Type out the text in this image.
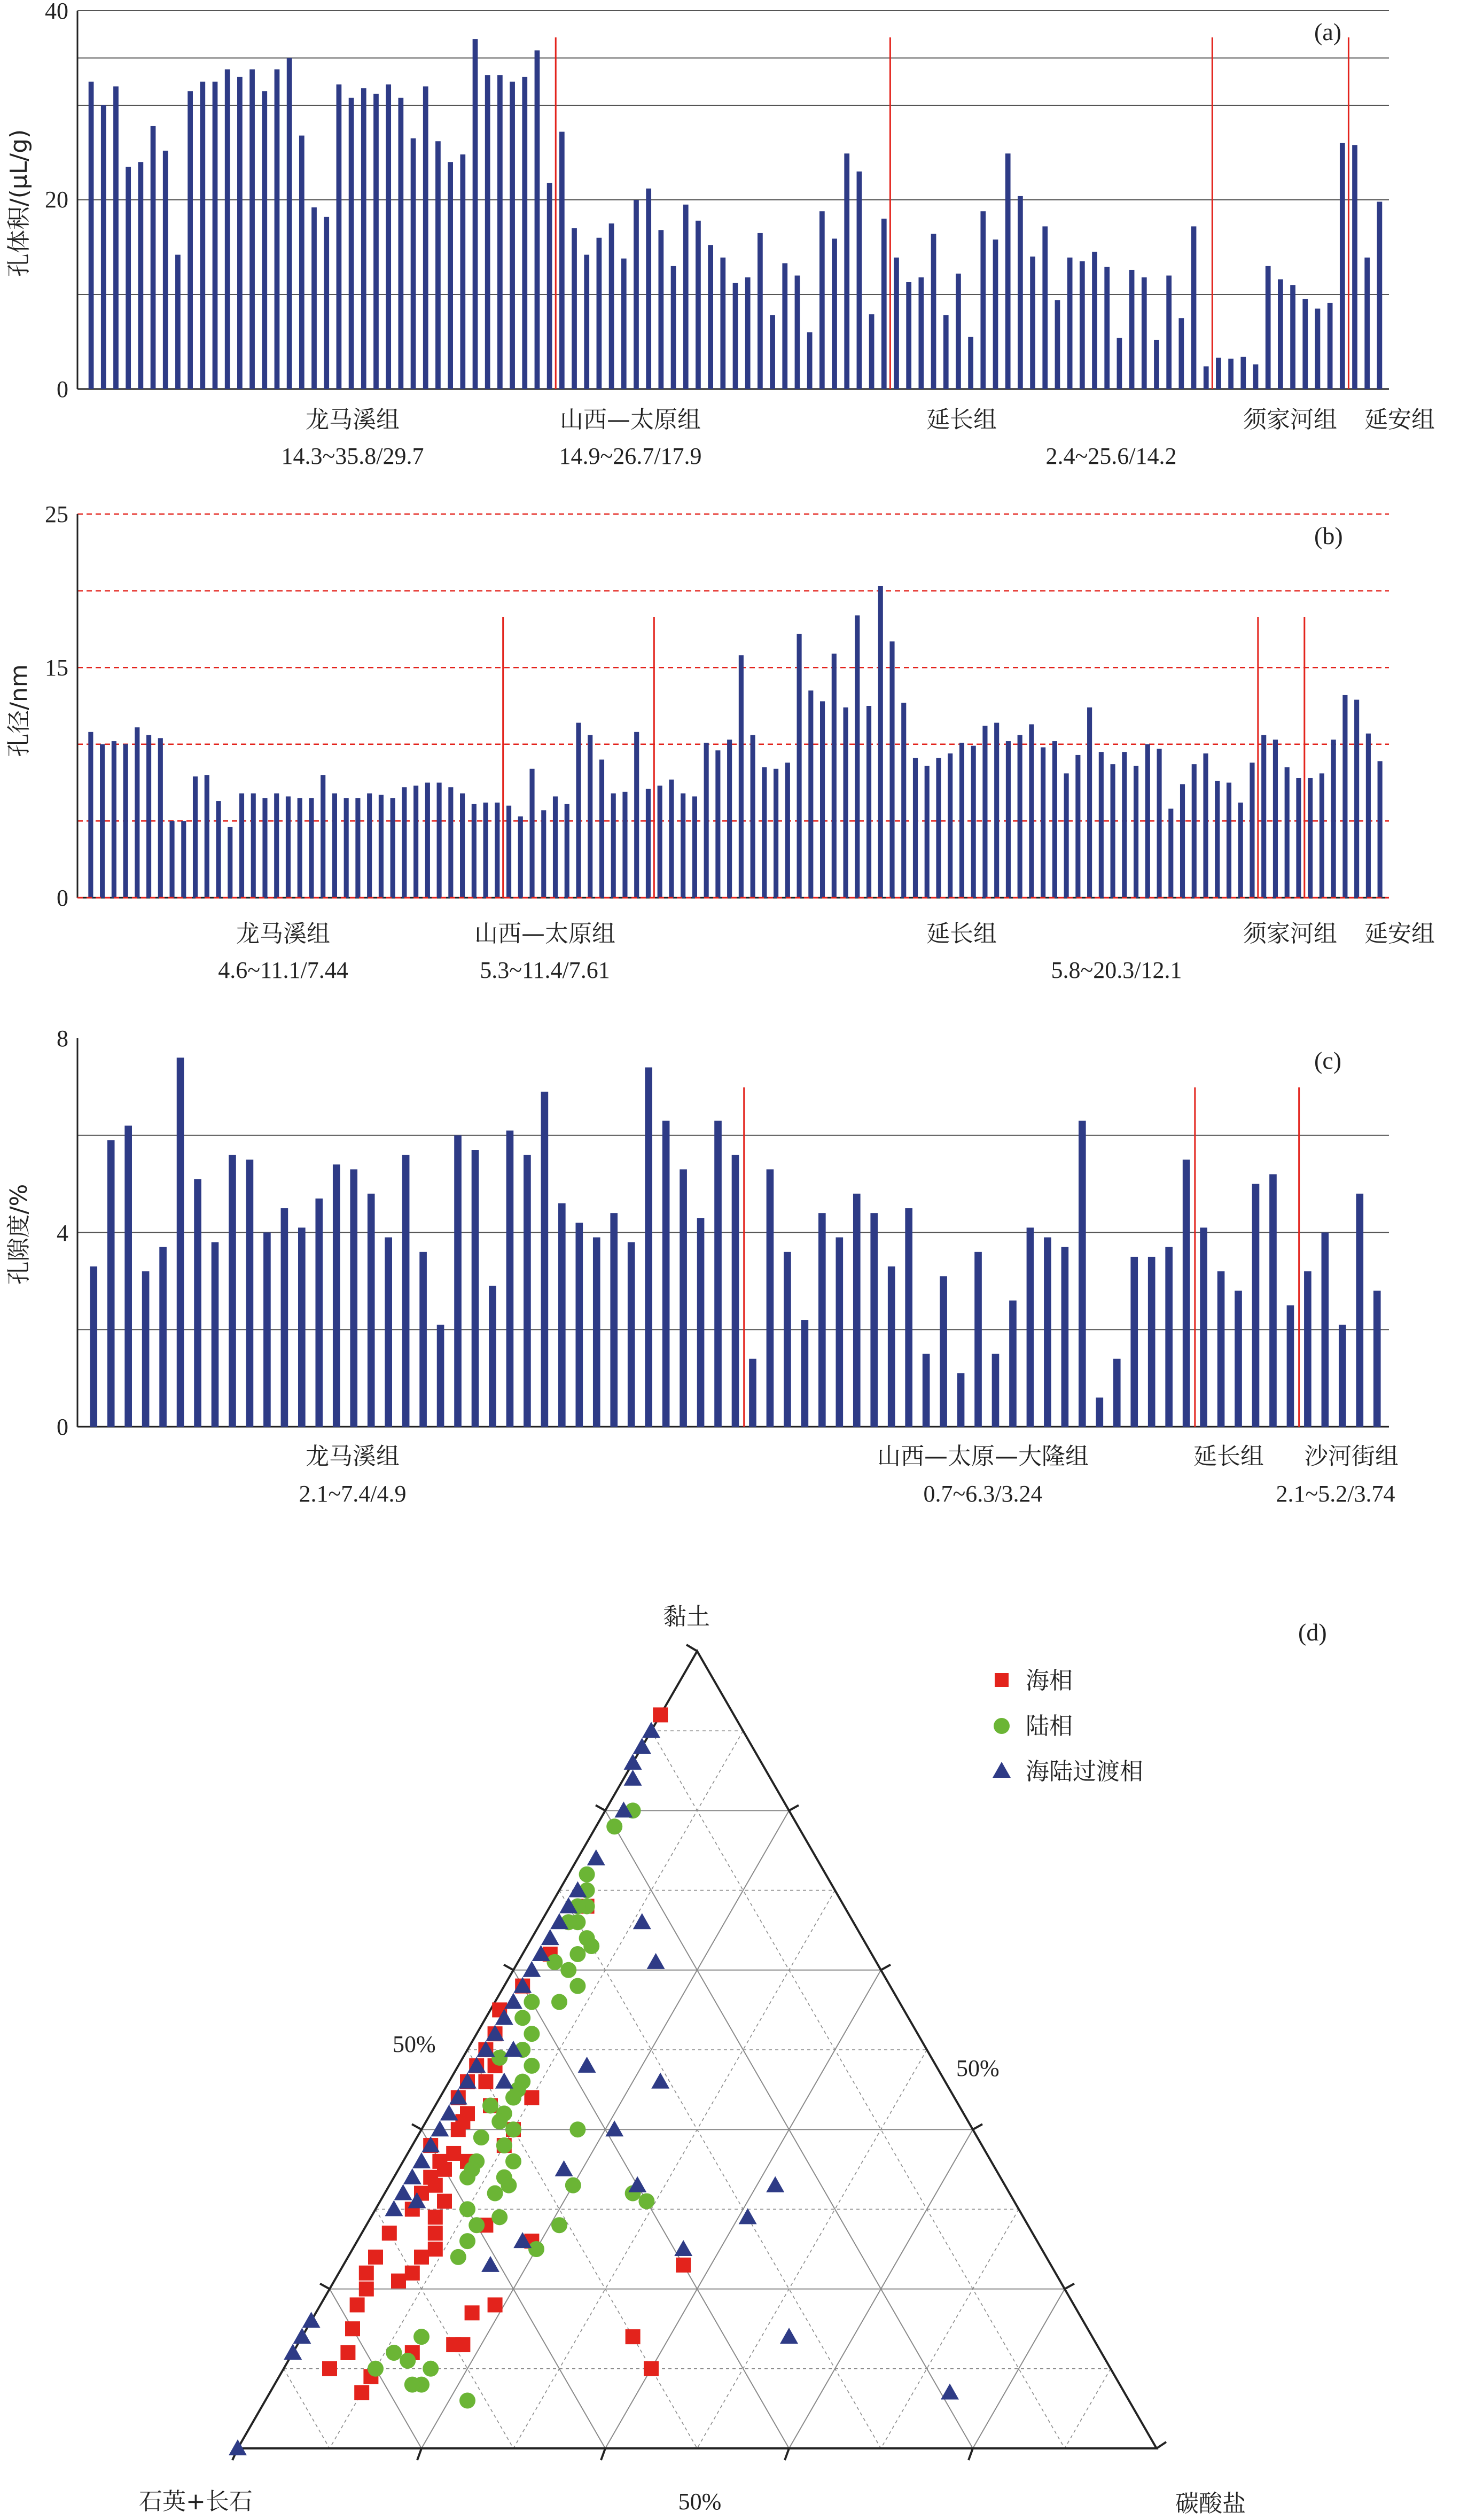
0
20
40
孔体积/(μL/g)
(a)
龙马溪组
14.3~35.8/29.7
山西—太原组
14.9~26.7/17.9
延长组
2.4~25.6/14.2
须家河组 延安组
0
15
25
孔径/nm
(b)
龙马溪组
4.6~11.1/7.44
山西—太原组
5.3~11.4/7.61
延长组
5.8~20.3/12.1
须家河组 延安组
0
4
8
孔隙度/%
(c)
龙马溪组
2.1~7.4/4.9
山西—太原—大隆组
0.7~6.3/3.24
延长组 沙河街组
2.1~5.2/3.74
(d)
黏土
石英+长石	碳酸盐
50%
50%
50%
海相
陆相
海陆过渡相
